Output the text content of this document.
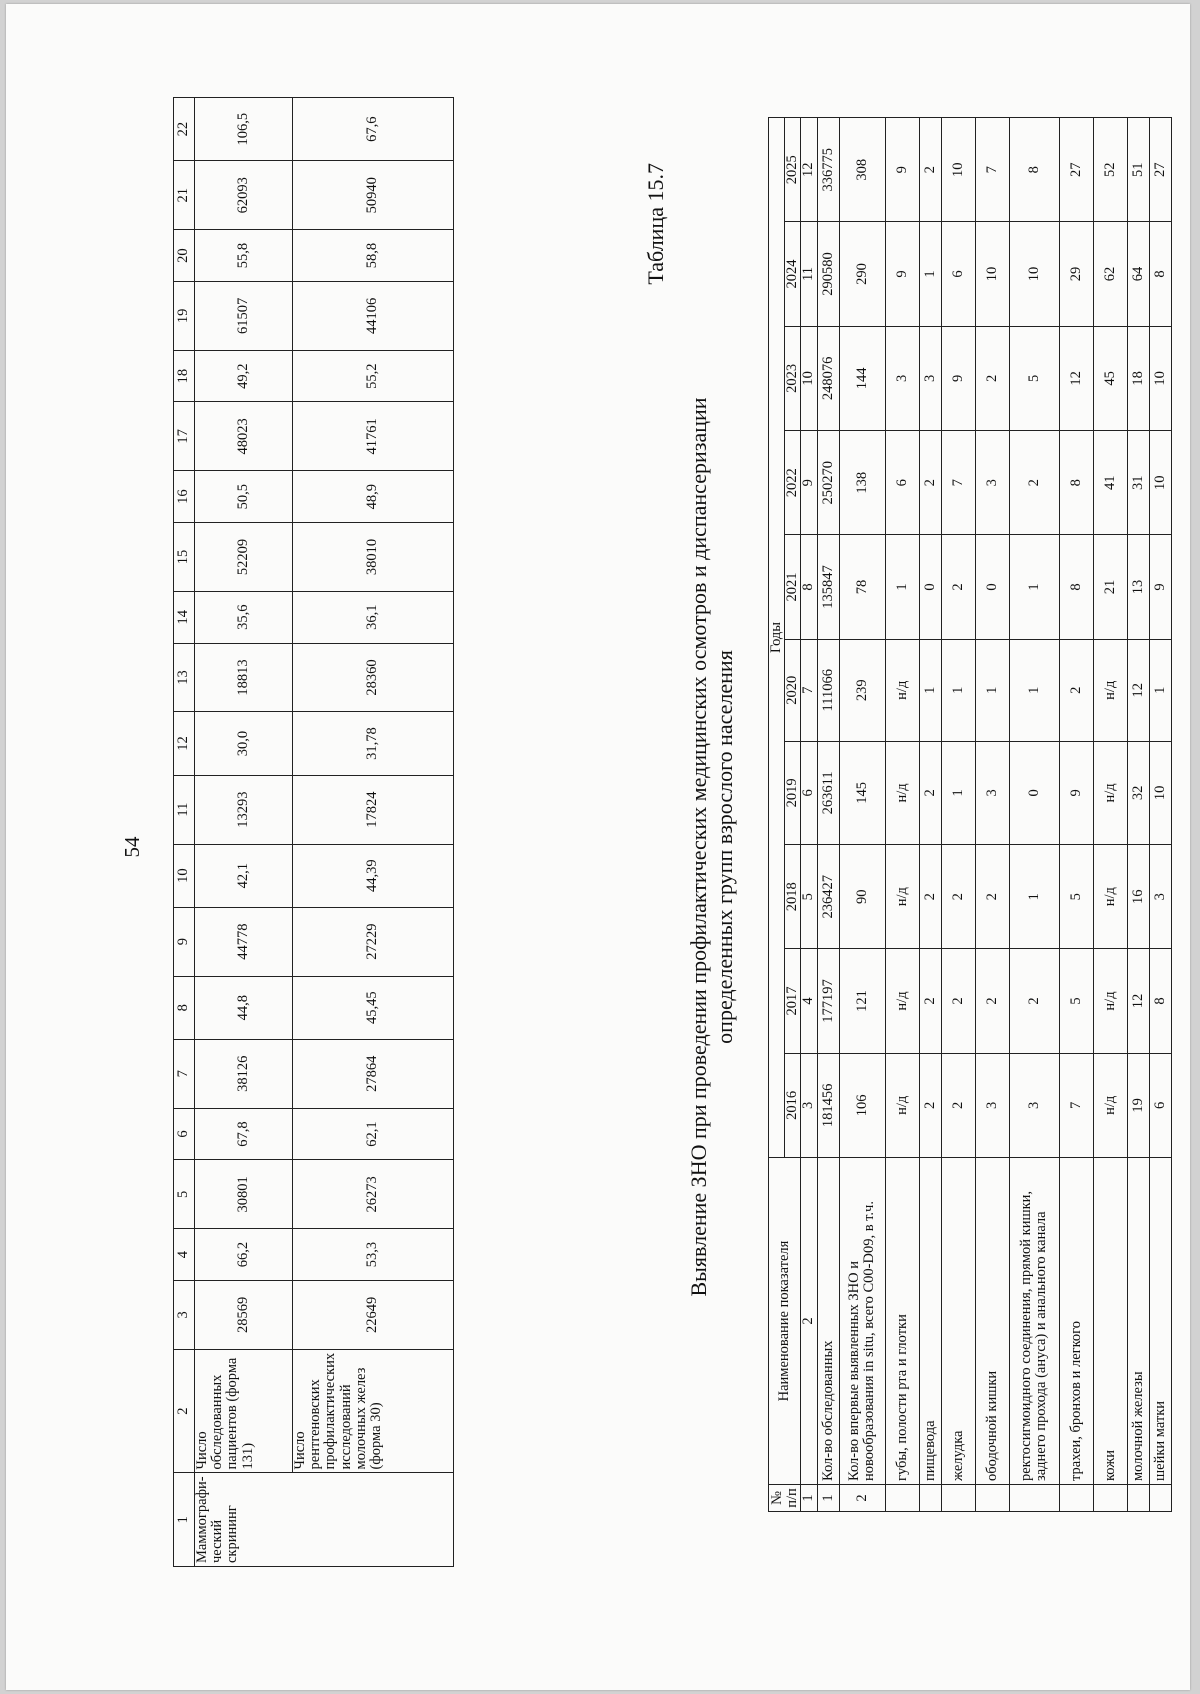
54
1	2	3	4	5	6	7	8	9	10	11	12	13	14	15	16	17	18	19	20	21	22
Маммографи-ческий скрининг	Число обследованных пациентов (форма 131)	28569	66,2	30801	67,8	38126	44,8	44778	42,1	13293	30,0	18813	35,6	52209	50,5	48023	49,2	61507	55,8	62093	106,5
	Число рентгеновских профилактических исследований молочных желез (форма 30)	22649	53,3	26273	62,1	27864	45,45	27229	44,39	17824	31,78	28360	36,1	38010	48,9	41761	55,2	44106	58,8	50940	67,6
Таблица 15.7
Выявление ЗНО при проведении профилактических медицинских осмотров и диспансеризации определенных групп взрослого населения
№ п/п	Наименование показателя	Годы									
		2016	2017	2018	2019	2020	2021	2022	2023	2024	2025
1	2	3	4	5	6	7	8	9	10	11	12
1	Кол-во обследованных	181456	177197	236427	263611	111066	135847	250270	248076	290580	336775
2	Кол-во впервые выявленных ЗНО и новообразования in situ, всего С00-D09, в т.ч.	106	121	90	145	239	78	138	144	290	308
	губы, полости рта и глотки	н/д	н/д	н/д	н/д	н/д	1	6	3	9	9
	пищевода	2	2	2	2	1	0	2	3	1	2
	желудка	2	2	2	1	1	2	7	9	6	10
	ободочной кишки	3	2	2	3	1	0	3	2	10	7
	ректосигмоидного соединения, прямой кишки, заднего прохода (ануса) и анального канала	3	2	1	0	1	1	2	5	10	8
	трахеи, бронхов и легкого	7	5	5	9	2	8	8	12	29	27
	кожи	н/д	н/д	н/д	н/д	н/д	21	41	45	62	52
	молочной железы	19	12	16	32	12	13	31	18	64	51
	шейки матки	6	8	3	10	1	9	10	10	8	27
